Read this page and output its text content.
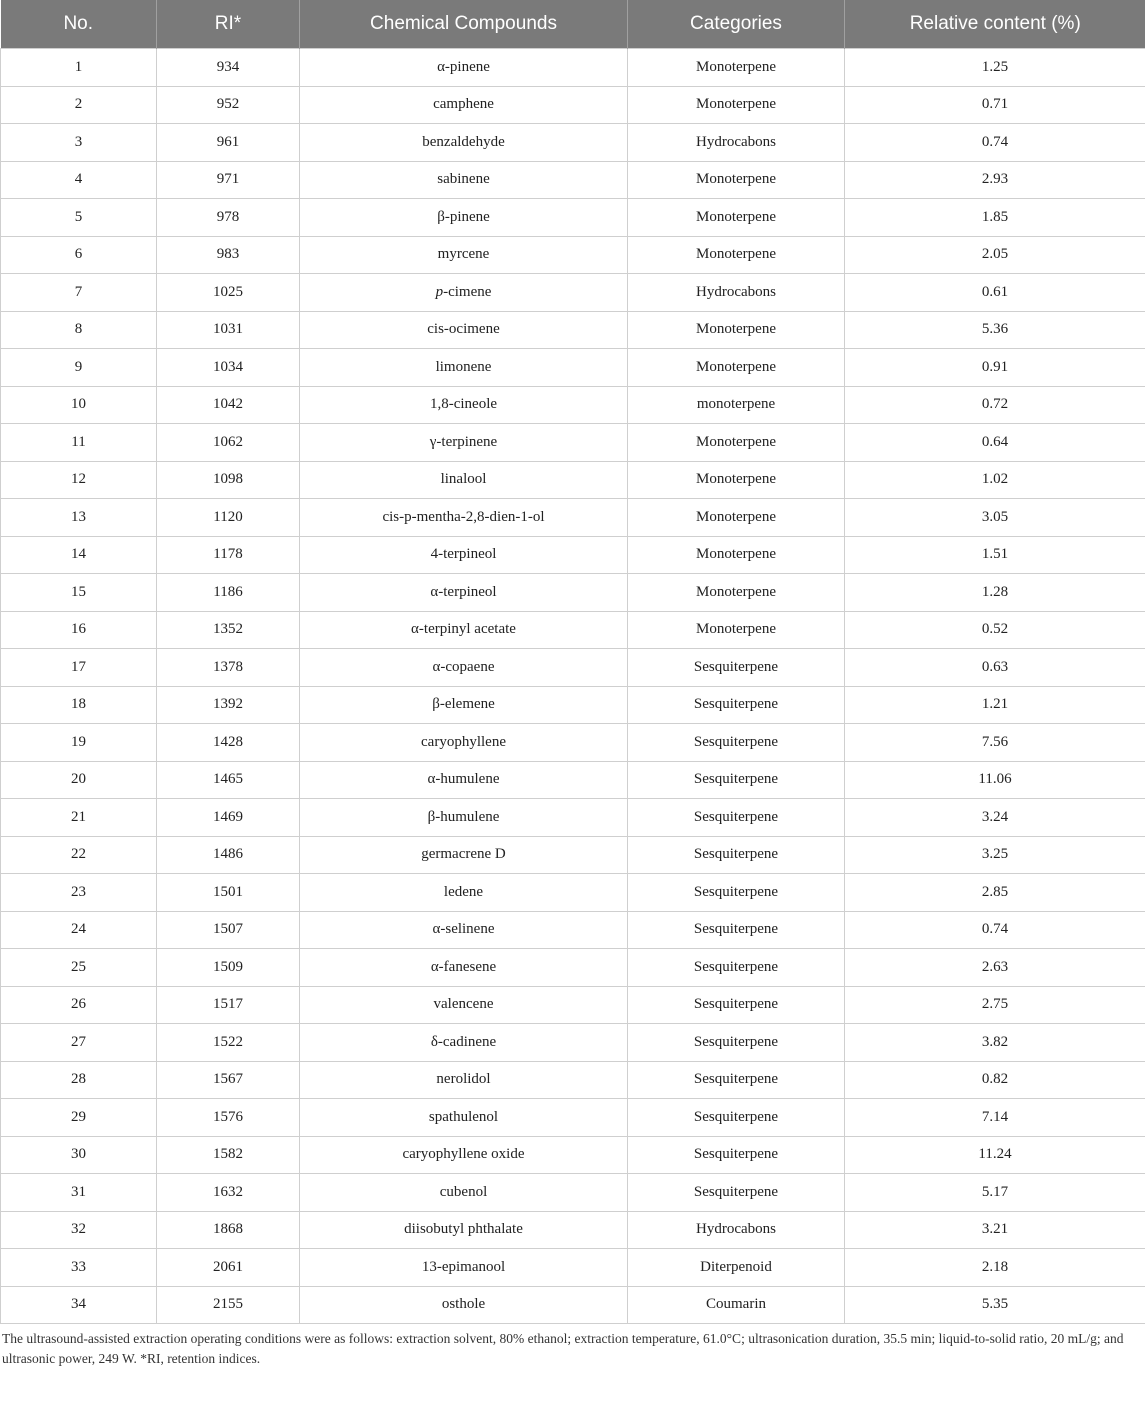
No.	RI*	Chemical Compounds	Categories	Relative content (%)
1	934	α-pinene	Monoterpene	1.25
2	952	camphene	Monoterpene	0.71
3	961	benzaldehyde	Hydrocabons	0.74
4	971	sabinene	Monoterpene	2.93
5	978	β-pinene	Monoterpene	1.85
6	983	myrcene	Monoterpene	2.05
7	1025	p-cimene	Hydrocabons	0.61
8	1031	cis-ocimene	Monoterpene	5.36
9	1034	limonene	Monoterpene	0.91
10	1042	1,8-cineole	monoterpene	0.72
11	1062	γ-terpinene	Monoterpene	0.64
12	1098	linalool	Monoterpene	1.02
13	1120	cis-p-mentha-2,8-dien-1-ol	Monoterpene	3.05
14	1178	4-terpineol	Monoterpene	1.51
15	1186	α-terpineol	Monoterpene	1.28
16	1352	α-terpinyl acetate	Monoterpene	0.52
17	1378	α-copaene	Sesquiterpene	0.63
18	1392	β-elemene	Sesquiterpene	1.21
19	1428	caryophyllene	Sesquiterpene	7.56
20	1465	α-humulene	Sesquiterpene	11.06
21	1469	β-humulene	Sesquiterpene	3.24
22	1486	germacrene D	Sesquiterpene	3.25
23	1501	ledene	Sesquiterpene	2.85
24	1507	α-selinene	Sesquiterpene	0.74
25	1509	α-fanesene	Sesquiterpene	2.63
26	1517	valencene	Sesquiterpene	2.75
27	1522	δ-cadinene	Sesquiterpene	3.82
28	1567	nerolidol	Sesquiterpene	0.82
29	1576	spathulenol	Sesquiterpene	7.14
30	1582	caryophyllene oxide	Sesquiterpene	11.24
31	1632	cubenol	Sesquiterpene	5.17
32	1868	diisobutyl phthalate	Hydrocabons	3.21
33	2061	13-epimanool	Diterpenoid	2.18
34	2155	osthole	Coumarin	5.35
The ultrasound-assisted extraction operating conditions were as follows: extraction solvent, 80% ethanol; extraction temperature, 61.0°C; ultrasonication duration, 35.5 min; liquid-to-solid ratio, 20 mL/g; and ultrasonic power, 249 W. *RI, retention indices.
